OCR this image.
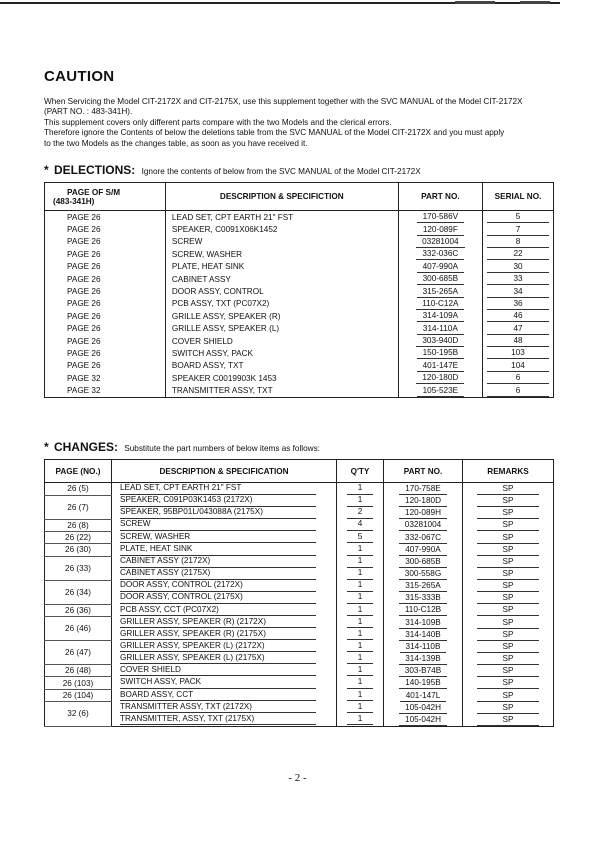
CAUTION

When Servicing the Model CIT-2172X and CIT-2175X, use this supplement together with the SVC MANUAL of the Model CIT-2172X

(PART NO. : 483-341H).

This supplement covers only different parts compare with the two Models and the clerical errors.

Therefore ignore the Contents of below the deletions table from the SVC MANUAL of the Model CIT-2172X and you must apply

to the two Models as the changes table, as soon as you have received it.

* DELECTIONS: Ignore the contents of below from the SVC MANUAL of the Model CIT-2172X
PAGE OF S/M
(483-341H)	DESCRIPTION & SPECIFICTION	PART NO.	SERIAL NO.
PAGE 26	LEAD SET, CPT EARTH 21" FST	170-586V	5
PAGE 26	SPEAKER, C0091X06K1452	120-089F	7
PAGE 26	SCREW	03281004	8
PAGE 26	SCREW, WASHER	332-036C	22
PAGE 26	PLATE, HEAT SINK	407-990A	30
PAGE 26	CABINET ASSY	300-685B	33
PAGE 26	DOOR ASSY, CONTROL	315-265A	34
PAGE 26	PCB ASSY, TXT (PC07X2)	110-C12A	36
PAGE 26	GRILLE ASSY, SPEAKER (R)	314-109A	46
PAGE 26	GRILLE ASSY, SPEAKER (L)	314-110A	47
PAGE 26	COVER SHIELD	303-940D	48
PAGE 26	SWITCH ASSY, PACK	150-195B	103
PAGE 26	BOARD ASSY, TXT	401-147E	104
PAGE 32	SPEAKER C0019903K 1453	120-180D	6
PAGE 32	TRANSMITTER ASSY, TXT	105-523E	6
* CHANGES: Substitute the part numbers of below items as follows:
PAGE (NO.)	DESCRIPTION & SPECIFICATION	Q'TY	PART NO.	REMARKS
26 (5)	LEAD SET, CPT EARTH 21" FST	1	170-758E	SP
26 (7)	SPEAKER, C091P03K1453 (2172X)	1	120-180D	SP
	SPEAKER, 95BP01L/043088A (2175X)	2	120-089H	SP
26 (8)	SCREW	4	03281004	SP
26 (22)	SCREW, WASHER	5	332-067C	SP
26 (30)	PLATE, HEAT SINK	1	407-990A	SP
26 (33)	CABINET ASSY (2172X)	1	300-685B	SP
	CABINET ASSY (2175X)	1	300-558G	SP
26 (34)	DOOR ASSY, CONTROL (2172X)	1	315-265A	SP
	DOOR ASSY, CONTROL (2175X)	1	315-333B	SP
26 (36)	PCB ASSY, CCT (PC07X2)	1	110-C12B	SP
26 (46)	GRILLER ASSY, SPEAKER (R) (2172X)	1	314-109B	SP
	GRILLER ASSY, SPEAKER (R) (2175X)	1	314-140B	SP
26 (47)	GRILLER ASSY, SPEAKER (L) (2172X)	1	314-110B	SP
	GRILLER ASSY, SPEAKER (L) (2175X)	1	314-139B	SP
26 (48)	COVER SHIELD	1	303-B74B	SP
26 (103)	SWITCH ASSY, PACK	1	140-195B	SP
26 (104)	BOARD ASSY, CCT	1	401-147L	SP
32 (6)	TRANSMITTER ASSY, TXT (2172X)	1	105-042H	SP
	TRANSMITTER, ASSY, TXT (2175X)	1	105-042H	SP
- 2 -
